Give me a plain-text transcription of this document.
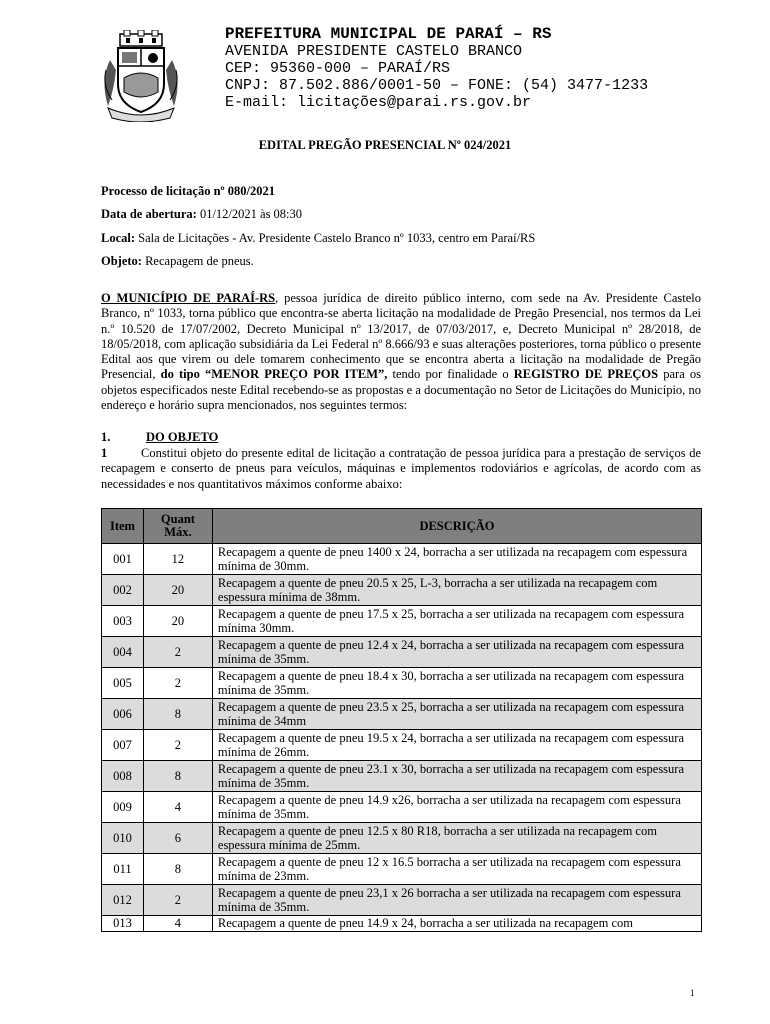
PREFEITURA MUNICIPAL DE PARAÍ – RS
AVENIDA PRESIDENTE CASTELO BRANCO
CEP: 95360-000 – PARAÍ/RS
CNPJ: 87.502.886/0001-50 – FONE: (54) 3477-1233
E-mail: licitações@parai.rs.gov.br
EDITAL PREGÃO PRESENCIAL Nº 024/2021
Processo de licitação nº 080/2021
Data de abertura: 01/12/2021 às 08:30
Local: Sala de Licitações - Av. Presidente Castelo Branco nº 1033, centro em Paraí/RS
Objeto: Recapagem de pneus.
O MUNICÍPIO DE PARAÍ-RS, pessoa jurídica de direito público interno, com sede na Av. Presidente Castelo Branco, nº 1033, torna público que encontra-se aberta licitação na modalidade de Pregão Presencial, nos termos da Lei n.º 10.520 de 17/07/2002, Decreto Municipal nº 13/2017, de 07/03/2017, e, Decreto Municipal nº 28/2018, de 18/05/2018, com aplicação subsidiária da Lei Federal nº 8.666/93 e suas alterações posteriores, torna público o presente Edital aos que virem ou dele tomarem conhecimento que se encontra aberta a licitação na modalidade de Pregão Presencial, do tipo “MENOR PREÇO POR ITEM”, tendo por finalidade o REGISTRO DE PREÇOS para os objetos especificados neste Edital recebendo-se as propostas e a documentação no Setor de Licitações do Município, no endereço e horário supra mencionados, nos seguintes termos:
1.	DO OBJETO
1	Constitui objeto do presente edital de licitação a contratação de pessoa jurídica para a prestação de serviços de recapagem e conserto de pneus para veículos, máquinas e implementos rodoviários e agrícolas, de acordo com as necessidades e nos quantitativos máximos conforme abaixo:
Item	Quant Máx.	DESCRIÇÃO
001	12	Recapagem a quente de pneu 1400 x 24, borracha a ser utilizada na recapagem com espessura mínima de 30mm.
002	20	Recapagem a quente de pneu 20.5 x 25, L-3, borracha a ser utilizada na recapagem com espessura mínima de 38mm.
003	20	Recapagem a quente de pneu 17.5 x 25, borracha a ser utilizada na recapagem com espessura mínima 30mm.
004	2	Recapagem a quente de pneu 12.4 x 24, borracha a ser utilizada na recapagem com espessura mínima de 35mm.
005	2	Recapagem a quente de pneu 18.4 x 30, borracha a ser utilizada na recapagem com espessura mínima de 35mm.
006	8	Recapagem a quente de pneu 23.5 x 25, borracha a ser utilizada na recapagem com espessura mínima de 34mm
007	2	Recapagem a quente de pneu 19.5 x 24, borracha a ser utilizada na recapagem com espessura mínima de 26mm.
008	8	Recapagem a quente de pneu 23.1 x 30, borracha a ser utilizada na recapagem com espessura mínima de 35mm.
009	4	Recapagem a quente de pneu 14.9 x26, borracha a ser utilizada na recapagem com espessura mínima de 35mm.
010	6	Recapagem a quente de pneu 12.5 x 80 R18, borracha a ser utilizada na recapagem com espessura mínima de 25mm.
011	8	Recapagem a quente de pneu 12 x 16.5 borracha a ser utilizada na recapagem com espessura mínima de 23mm.
012	2	Recapagem a quente de pneu 23,1 x 26 borracha a ser utilizada na recapagem com espessura mínima de 35mm.
013	4	Recapagem a quente de pneu 14.9 x 24, borracha a ser utilizada na recapagem com
1
